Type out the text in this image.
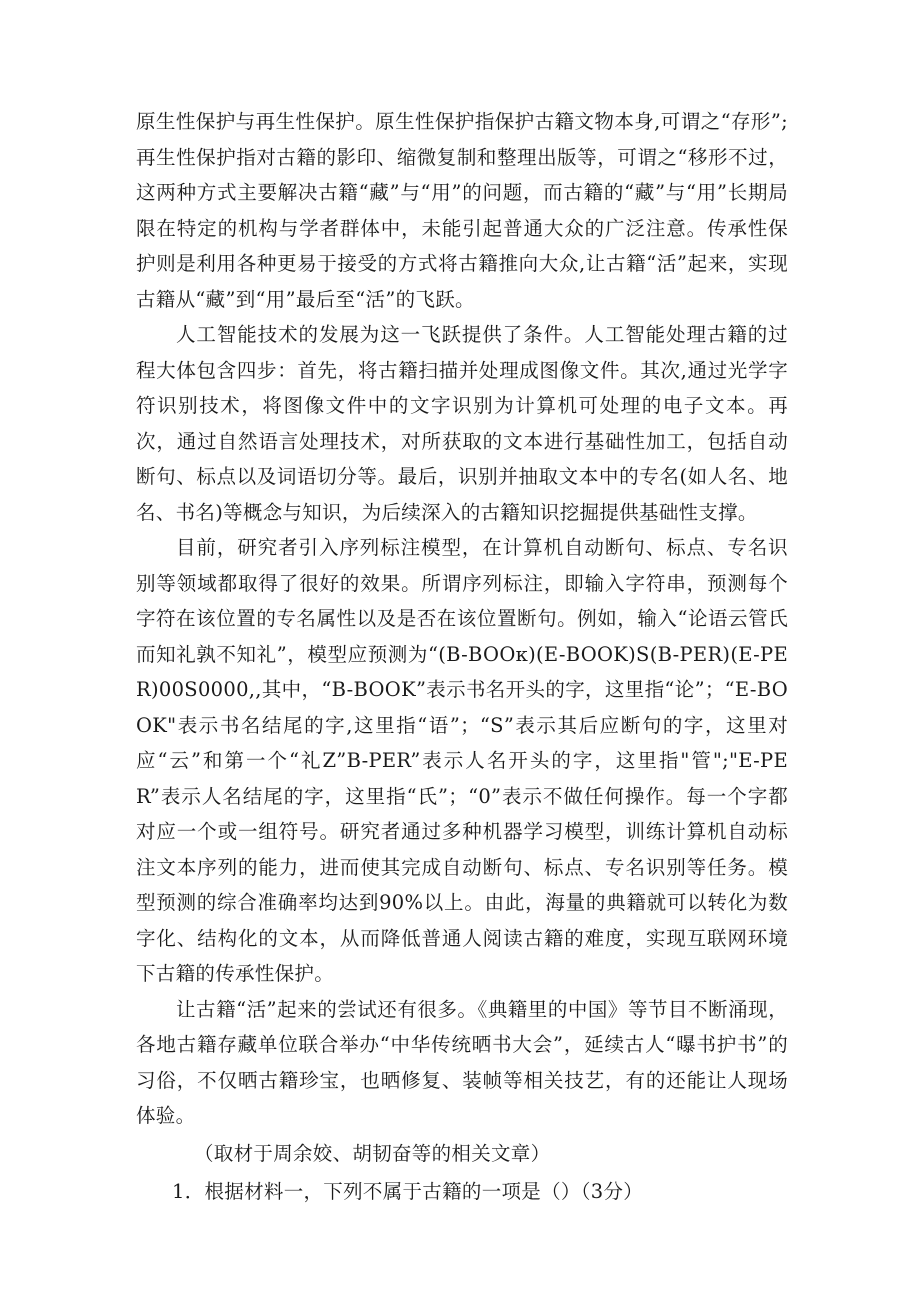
原生性保护与再生性保护。原生性保护指保护古籍文物本身,可谓之“存形”;再生性保护指对古籍的影印、缩微复制和整理出版等，可谓之“移形不过，这两种方式主要解决古籍“藏”与“用”的问题，而古籍的“藏”与“用”长期局限在特定的机构与学者群体中，未能引起普通大众的广泛注意。传承性保护则是利用各种更易于接受的方式将古籍推向大众,让古籍“活”起来，实现古籍从“藏”到“用”最后至“活”的飞跃。

人工智能技术的发展为这一飞跃提供了条件。人工智能处理古籍的过程大体包含四步：首先，将古籍扫描并处理成图像文件。其次,通过光学字符识别技术，将图像文件中的文字识别为计算机可处理的电子文本。再次，通过自然语言处理技术，对所获取的文本进行基础性加工，包括自动断句、标点以及词语切分等。最后，识别并抽取文本中的专名(如人名、地名、书名)等概念与知识，为后续深入的古籍知识挖掘提供基础性支撑。

目前，研究者引入序列标注模型，在计算机自动断句、标点、专名识别等领域都取得了很好的效果。所谓序列标注，即输入字符串，预测每个字符在该位置的专名属性以及是否在该位置断句。例如，输入“论语云管氏而知礼孰不知礼”，模型应预测为“(B-BOOκ)(E-BOOK)S(B-PER)(E-PER)00S0000,,其中，“B-BOOK”表示书名开头的字，这里指“论”；“E-BOOK"表示书名结尾的字,这里指“语”；“S”表示其后应断句的字，这里对应“云”和第一个“礼Z”B-PER”表示人名开头的字，这里指"管";"E-PER”表示人名结尾的字，这里指“氏”；“0”表示不做任何操作。每一个字都对应一个或一组符号。研究者通过多种机器学习模型，训练计算机自动标注文本序列的能力，进而使其完成自动断句、标点、专名识别等任务。模型预测的综合准确率均达到90%以上。由此，海量的典籍就可以转化为数字化、结构化的文本，从而降低普通人阅读古籍的难度，实现互联网环境下古籍的传承性保护。

让古籍“活”起来的尝试还有很多。《典籍里的中国》等节目不断涌现，各地古籍存藏单位联合举办“中华传统晒书大会”，延续古人“曝书护书”的习俗，不仅晒古籍珍宝，也晒修复、装帧等相关技艺，有的还能让人现场体验。

（取材于周余姣、胡韧奋等的相关文章）

1．根据材料一，下列不属于古籍的一项是（）（3分）
